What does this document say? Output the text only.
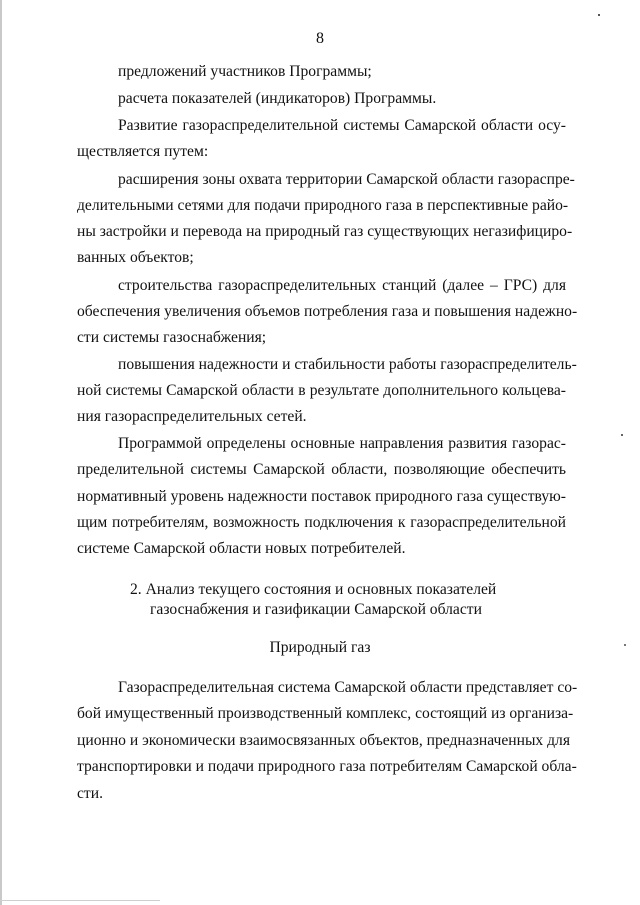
8
предложений участников Программы;
расчета показателей (индикаторов) Программы.
Развитие газораспределительной системы Самарской области осу-
ществляется путем:
расширения зоны охвата территории Самарской области газораспре-
делительными сетями для подачи природного газа в перспективные райо-
ны застройки и перевода на природный газ существующих негазифициро-
ванных объектов;
строительства газораспределительных станций (далее – ГРС) для
обеспечения увеличения объемов потребления газа и повышения надежно-
сти системы газоснабжения;
повышения надежности и стабильности работы газораспределитель-
ной системы Самарской области в результате дополнительного кольцева-
ния газораспределительных сетей.
Программой определены основные направления развития газорас-
пределительной системы Самарской области, позволяющие обеспечить
нормативный уровень надежности поставок природного газа существую-
щим потребителям, возможность подключения к газораспределительной
системе Самарской области новых потребителей.
2. Анализ текущего состояния и основных показателей
газоснабжения и газификации Самарской области
Природный газ
Газораспределительная система Самарской области представляет со-
бой имущественный производственный комплекс, состоящий из организа-
ционно и экономически взаимосвязанных объектов, предназначенных для
транспортировки и подачи природного газа потребителям Самарской обла-
сти.
